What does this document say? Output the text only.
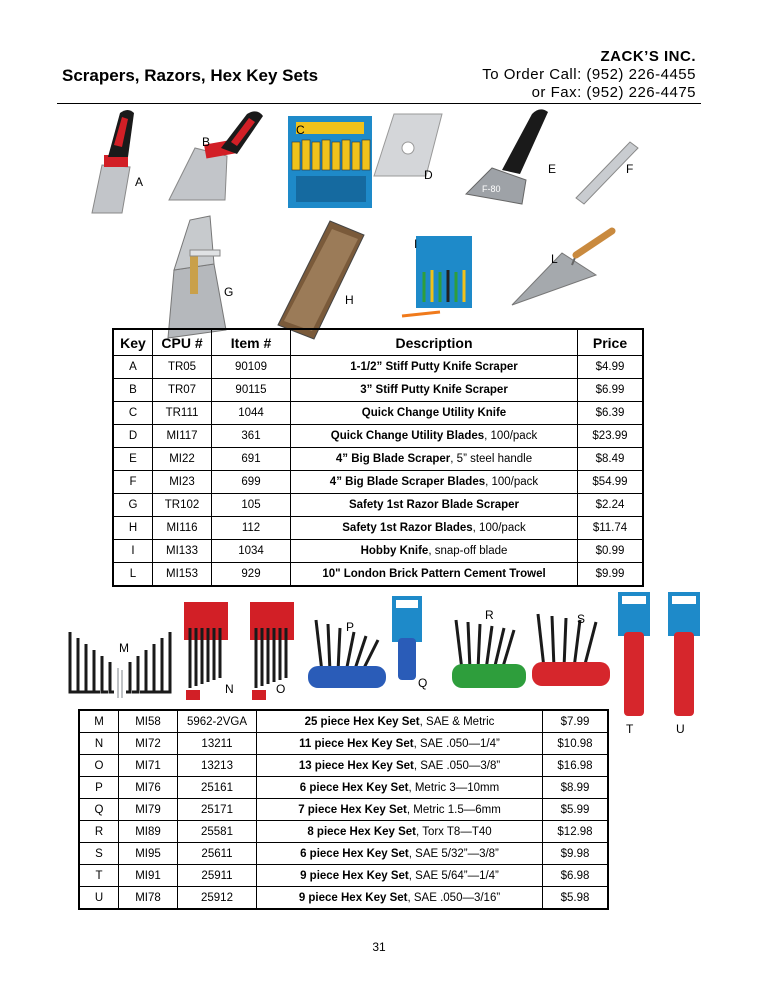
Scrapers, Razors, Hex Key Sets
ZACK’S INC.
To Order Call: (952) 226-4455
or Fax: (952) 226-4475
F-80
A
B
C
D	E	F
G
H
I
L
Key	CPU #	Item #	Description	Price
A	TR05	90109	1-1/2” Stiff Putty Knife Scraper	$4.99
B	TR07	90115	3” Stiff Putty Knife Scraper	$6.99
C	TR111	1044	Quick Change Utility Knife	$6.39
D	MI117	361	Quick Change Utility Blades, 100/pack	$23.99
E	MI22	691	4” Big Blade Scraper, 5” steel handle	$8.49
F	MI23	699	4” Big Blade Scraper Blades, 100/pack	$54.99
G	TR102	105	Safety 1st Razor Blade Scraper	$2.24
H	MI116	112	Safety 1st Razor Blades, 100/pack	$11.74
I	MI133	1034	Hobby Knife, snap-off blade	$0.99
L	MI153	929	10" London Brick Pattern Cement Trowel	$9.99
M
N	O
P
Q
R	S
T	U
M	MI58	5962-2VGA	25 piece Hex Key Set, SAE & Metric	$7.99
N	MI72	13211	11 piece Hex Key Set, SAE .050—1/4”	$10.98
O	MI71	13213	13 piece Hex Key Set, SAE .050—3/8”	$16.98
P	MI76	25161	6 piece Hex Key Set, Metric 3—10mm	$8.99
Q	MI79	25171	7 piece Hex Key Set, Metric 1.5—6mm	$5.99
R	MI89	25581	8 piece Hex Key Set, Torx T8—T40	$12.98
S	MI95	25611	6 piece Hex Key Set, SAE 5/32”—3/8”	$9.98
T	MI91	25911	9 piece Hex Key Set, SAE 5/64”—1/4”	$6.98
U	MI78	25912	9 piece Hex Key Set, SAE .050—3/16”	$5.98
31
